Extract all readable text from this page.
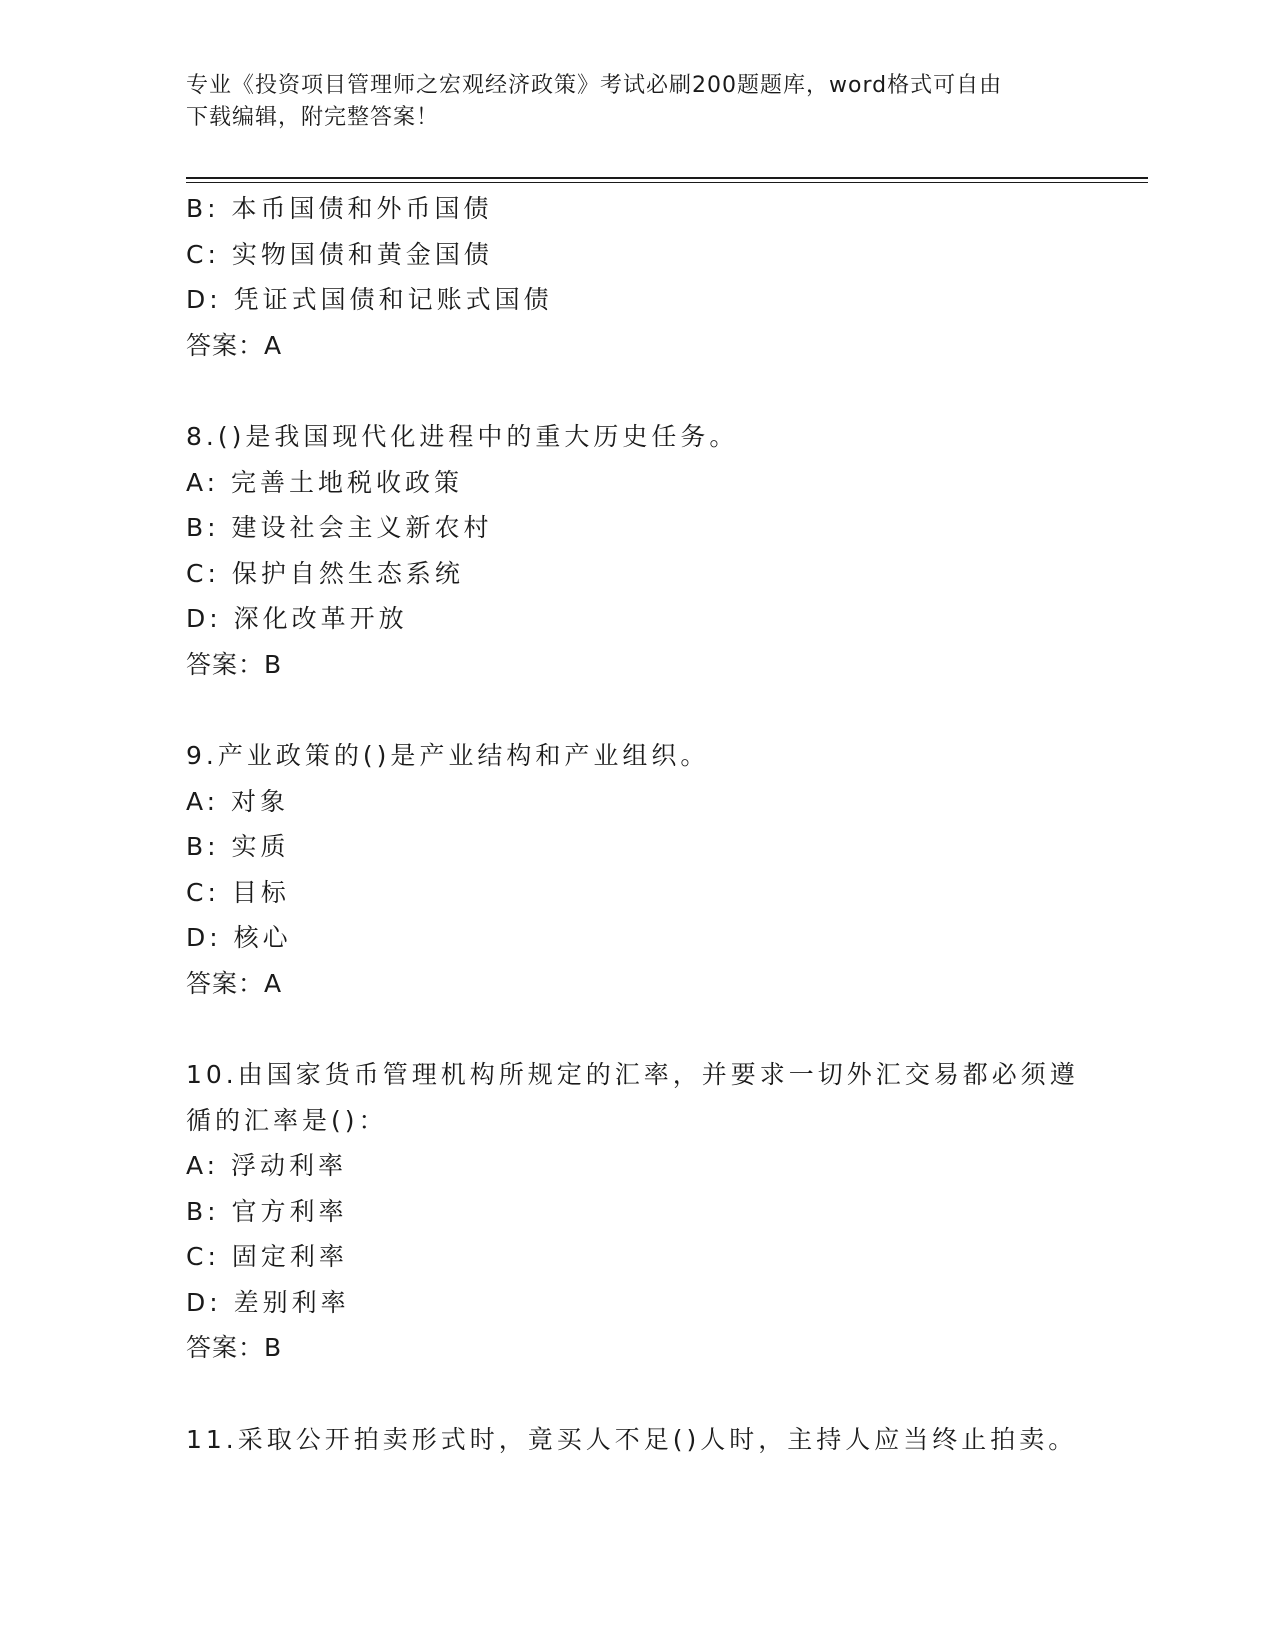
专业《投资项目管理师之宏观经济政策》考试必刷200题题库，word格式可自由
下载编辑，附完整答案！
B: 本币国债和外币国债
C: 实物国债和黄金国债
D: 凭证式国债和记账式国债
答案：A
8.()是我国现代化进程中的重大历史任务。
A: 完善土地税收政策
B: 建设社会主义新农村
C: 保护自然生态系统
D: 深化改革开放
答案：B
9.产业政策的()是产业结构和产业组织。
A: 对象
B: 实质
C: 目标
D: 核心
答案：A
10.由国家货币管理机构所规定的汇率，并要求一切外汇交易都必须遵
循的汇率是()：
A: 浮动利率
B: 官方利率
C: 固定利率
D: 差别利率
答案：B
11.采取公开拍卖形式时，竟买人不足()人时，主持人应当终止拍卖。
